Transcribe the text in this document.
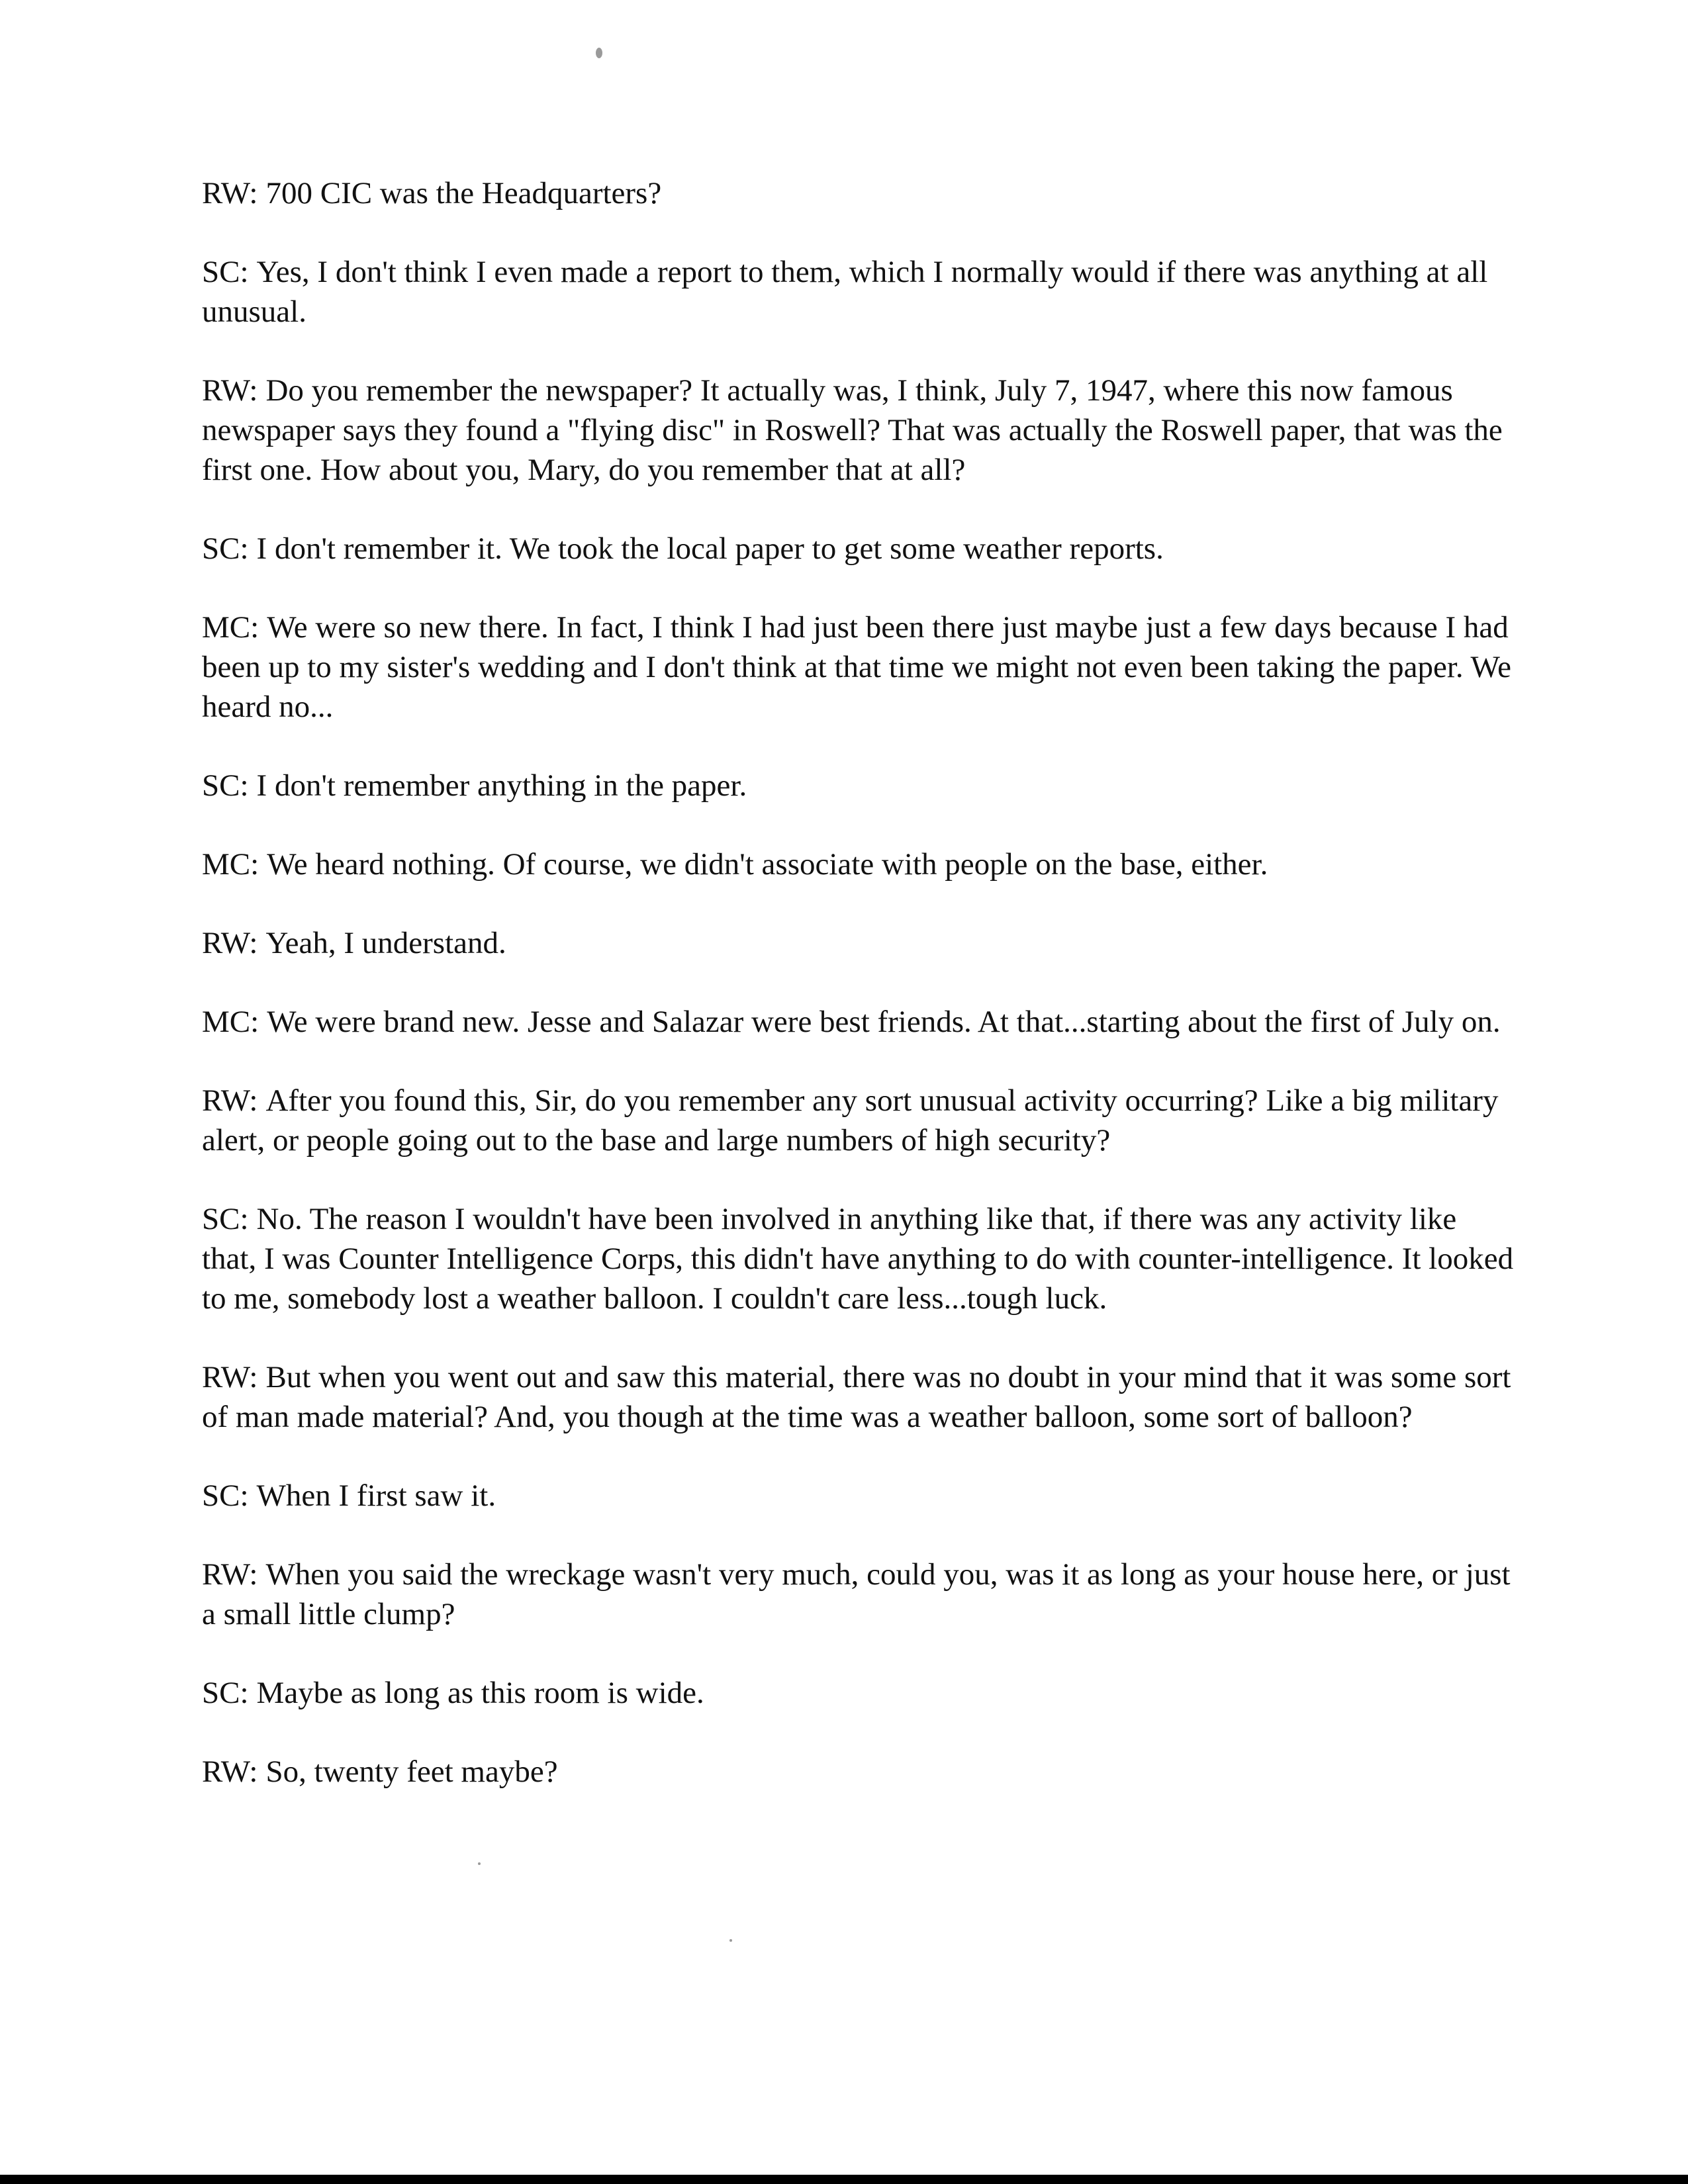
RW: 700 CIC was the Headquarters?

SC: Yes, I don't think I even made a report to them, which I normally would if there was anything at all unusual.

RW: Do you remember the newspaper? It actually was, I think, July 7, 1947, where this now famous newspaper says they found a "flying disc" in Roswell? That was actually the Roswell paper, that was the first one. How about you, Mary, do you remember that at all?

SC: I don't remember it. We took the local paper to get some weather reports.

MC: We were so new there. In fact, I think I had just been there just maybe just a few days because I had been up to my sister's wedding and I don't think at that time we might not even been taking the paper. We heard no...

SC: I don't remember anything in the paper.

MC: We heard nothing. Of course, we didn't associate with people on the base, either.

RW: Yeah, I understand.

MC: We were brand new. Jesse and Salazar were best friends. At that...starting about the first of July on.

RW: After you found this, Sir, do you remember any sort unusual activity occurring? Like a big military alert, or people going out to the base and large numbers of high security?

SC: No. The reason I wouldn't have been involved in anything like that, if there was any activity like that, I was Counter Intelligence Corps, this didn't have anything to do with counter-intelligence. It looked to me, somebody lost a weather balloon. I couldn't care less...tough luck.

RW: But when you went out and saw this material, there was no doubt in your mind that it was some sort of man made material? And, you though at the time was a weather balloon, some sort of balloon?

SC: When I first saw it.

RW: When you said the wreckage wasn't very much, could you, was it as long as your house here, or just a small little clump?

SC: Maybe as long as this room is wide.

RW: So, twenty feet maybe?
